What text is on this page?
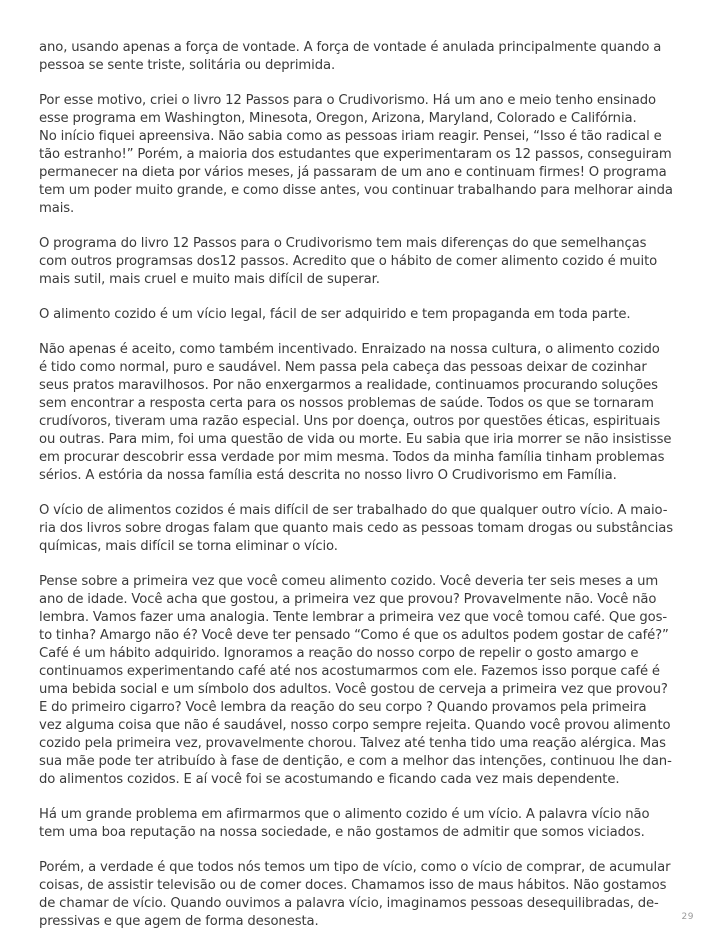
ano, usando apenas a força de vontade. A força de vontade é anulada principalmente quando a
pessoa se sente triste, solitária ou deprimida.

Por esse motivo, criei o livro 12 Passos para o Crudivorismo. Há um ano e meio tenho ensinado
esse programa em Washington, Minesota, Oregon, Arizona, Maryland, Colorado e Califórnia.
No início fiquei apreensiva. Não sabia como as pessoas iriam reagir. Pensei, “Isso é tão radical e
tão estranho!” Porém, a maioria dos estudantes que experimentaram os 12 passos, conseguiram
permanecer na dieta por vários meses, já passaram de um ano e continuam firmes! O programa
tem um poder muito grande, e como disse antes, vou continuar trabalhando para melhorar ainda
mais.

O programa do livro 12 Passos para o Crudivorismo tem mais diferenças do que semelhanças
com outros programsas dos12 passos. Acredito que o hábito de comer alimento cozido é muito
mais sutil, mais cruel e muito mais difícil de superar.

O alimento cozido é um vício legal, fácil de ser adquirido e tem propaganda em toda parte.

Não apenas é aceito, como também incentivado. Enraizado na nossa cultura, o alimento cozido
é tido como normal, puro e saudável. Nem passa pela cabeça das pessoas deixar de cozinhar
seus pratos maravilhosos. Por não enxergarmos a realidade, continuamos procurando soluções
sem encontrar a resposta certa para os nossos problemas de saúde. Todos os que se tornaram
crudívoros, tiveram uma razão especial. Uns por doença, outros por questões éticas, espirituais
ou outras. Para mim, foi uma questão de vida ou morte. Eu sabia que iria morrer se não insistisse
em procurar descobrir essa verdade por mim mesma. Todos da minha família tinham problemas
sérios. A estória da nossa família está descrita no nosso livro O Crudivorismo em Família.

O vício de alimentos cozidos é mais difícil de ser trabalhado do que qualquer outro vício. A maio-
ria dos livros sobre drogas falam que quanto mais cedo as pessoas tomam drogas ou substâncias
químicas, mais difícil se torna eliminar o vício.

Pense sobre a primeira vez que você comeu alimento cozido. Você deveria ter seis meses a um
ano de idade. Você acha que gostou, a primeira vez que provou? Provavelmente não. Você não
lembra. Vamos fazer uma analogia. Tente lembrar a primeira vez que você tomou café. Que gos-
to tinha? Amargo não é? Você deve ter pensado “Como é que os adultos podem gostar de café?”
Café é um hábito adquirido. Ignoramos a reação do nosso corpo de repelir o gosto amargo e
continuamos experimentando café até nos acostumarmos com ele. Fazemos isso porque café é
uma bebida social e um símbolo dos adultos. Você gostou de cerveja a primeira vez que provou?
E do primeiro cigarro? Você lembra da reação do seu corpo ? Quando provamos pela primeira
vez alguma coisa que não é saudável, nosso corpo sempre rejeita. Quando você provou alimento
cozido pela primeira vez, provavelmente chorou. Talvez até tenha tido uma reação alérgica. Mas
sua mãe pode ter atribuído à fase de dentição, e com a melhor das intenções, continuou lhe dan-
do alimentos cozidos. E aí você foi se acostumando e ficando cada vez mais dependente.

Há um grande problema em afirmarmos que o alimento cozido é um vício. A palavra vício não
tem uma boa reputação na nossa sociedade, e não gostamos de admitir que somos viciados.

Porém, a verdade é que todos nós temos um tipo de vício, como o vício de comprar, de acumular
coisas, de assistir televisão ou de comer doces. Chamamos isso de maus hábitos. Não gostamos
de chamar de vício. Quando ouvimos a palavra vício, imaginamos pessoas desequilibradas, de-
pressivas e que agem de forma desonesta.	29
